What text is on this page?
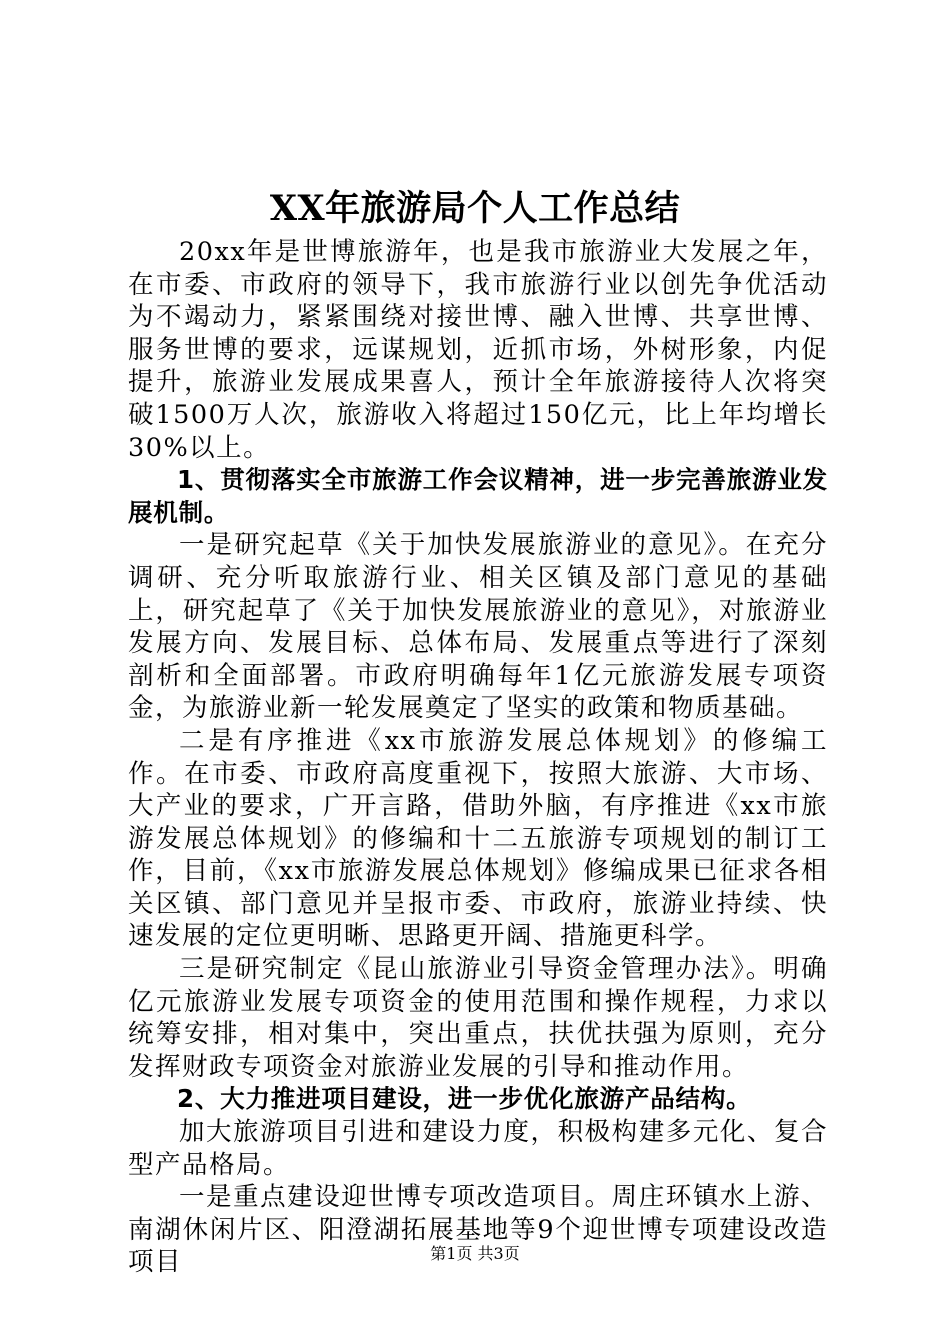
XX年旅游局个人工作总结

20xx年是世博旅游年，也是我市旅游业大发展之年，在市委、市政府的领导下，我市旅游行业以创先争优活动为不竭动力，紧紧围绕对接世博、融入世博、共享世博、服务世博的要求，远谋规划，近抓市场，外树形象，内促提升，旅游业发展成果喜人，预计全年旅游接待人次将突破1500万人次，旅游收入将超过150亿元，比上年均增长30%以上。

1、贯彻落实全市旅游工作会议精神，进一步完善旅游业发展机制。

一是研究起草《关于加快发展旅游业的意见》。在充分调研、充分听取旅游行业、相关区镇及部门意见的基础上，研究起草了《关于加快发展旅游业的意见》，对旅游业发展方向、发展目标、总体布局、发展重点等进行了深刻剖析和全面部署。市政府明确每年1亿元旅游发展专项资金，为旅游业新一轮发展奠定了坚实的政策和物质基础。

二是有序推进《xx市旅游发展总体规划》的修编工作。在市委、市政府高度重视下，按照大旅游、大市场、大产业的要求，广开言路，借助外脑，有序推进《xx市旅游发展总体规划》的修编和十二五旅游专项规划的制订工作，目前，《xx市旅游发展总体规划》修编成果已征求各相关区镇、部门意见并呈报市委、市政府，旅游业持续、快速发展的定位更明晰、思路更开阔、措施更科学。

三是研究制定《昆山旅游业引导资金管理办法》。明确亿元旅游业发展专项资金的使用范围和操作规程，力求以统筹安排，相对集中，突出重点，扶优扶强为原则，充分发挥财政专项资金对旅游业发展的引导和推动作用。

2、大力推进项目建设，进一步优化旅游产品结构。

加大旅游项目引进和建设力度，积极构建多元化、复合型产品格局。

一是重点建设迎世博专项改造项目。周庄环镇水上游、南湖休闲片区、阳澄湖拓展基地等9个迎世博专项建设改造项目	第1页 共3页
